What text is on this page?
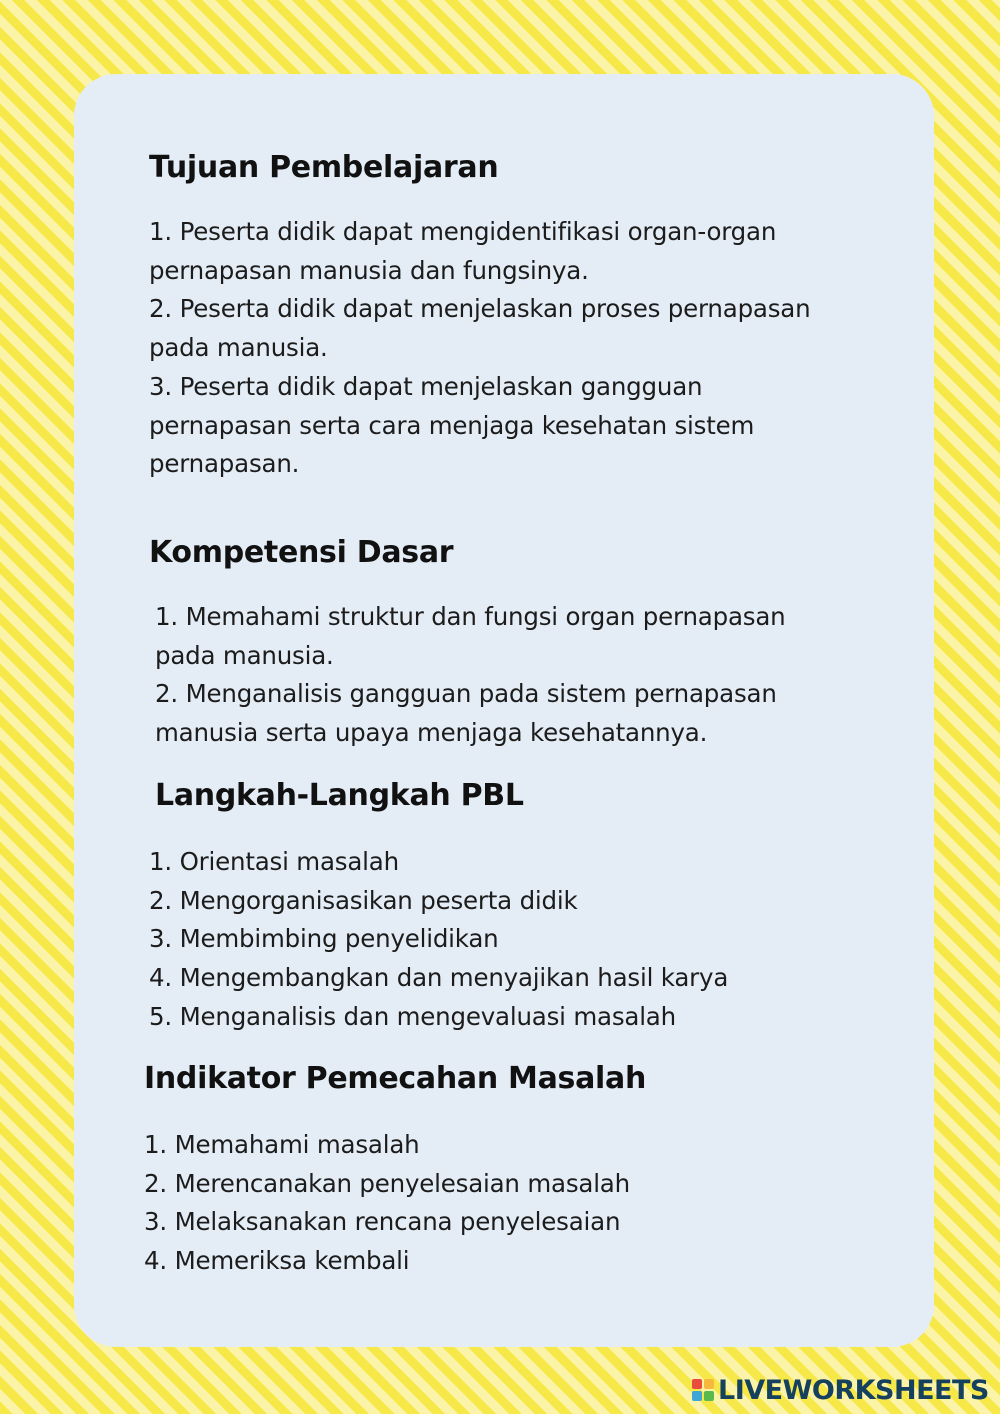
Tujuan Pembelajaran
1. Peserta didik dapat mengidentifikasi organ-organ
pernapasan manusia dan fungsinya.
2. Peserta didik dapat menjelaskan proses pernapasan
pada manusia.
3. Peserta didik dapat menjelaskan gangguan
pernapasan serta cara menjaga kesehatan sistem
pernapasan.
Kompetensi Dasar
1. Memahami struktur dan fungsi organ pernapasan
pada manusia.
2. Menganalisis gangguan pada sistem pernapasan
manusia serta upaya menjaga kesehatannya.
Langkah-Langkah PBL
1. Orientasi masalah
2. Mengorganisasikan peserta didik
3. Membimbing penyelidikan
4. Mengembangkan dan menyajikan hasil karya
5. Menganalisis dan mengevaluasi masalah
Indikator Pemecahan Masalah
1. Memahami masalah
2. Merencanakan penyelesaian masalah
3. Melaksanakan rencana penyelesaian
4. Memeriksa kembali
LIVEWORKSHEETS
